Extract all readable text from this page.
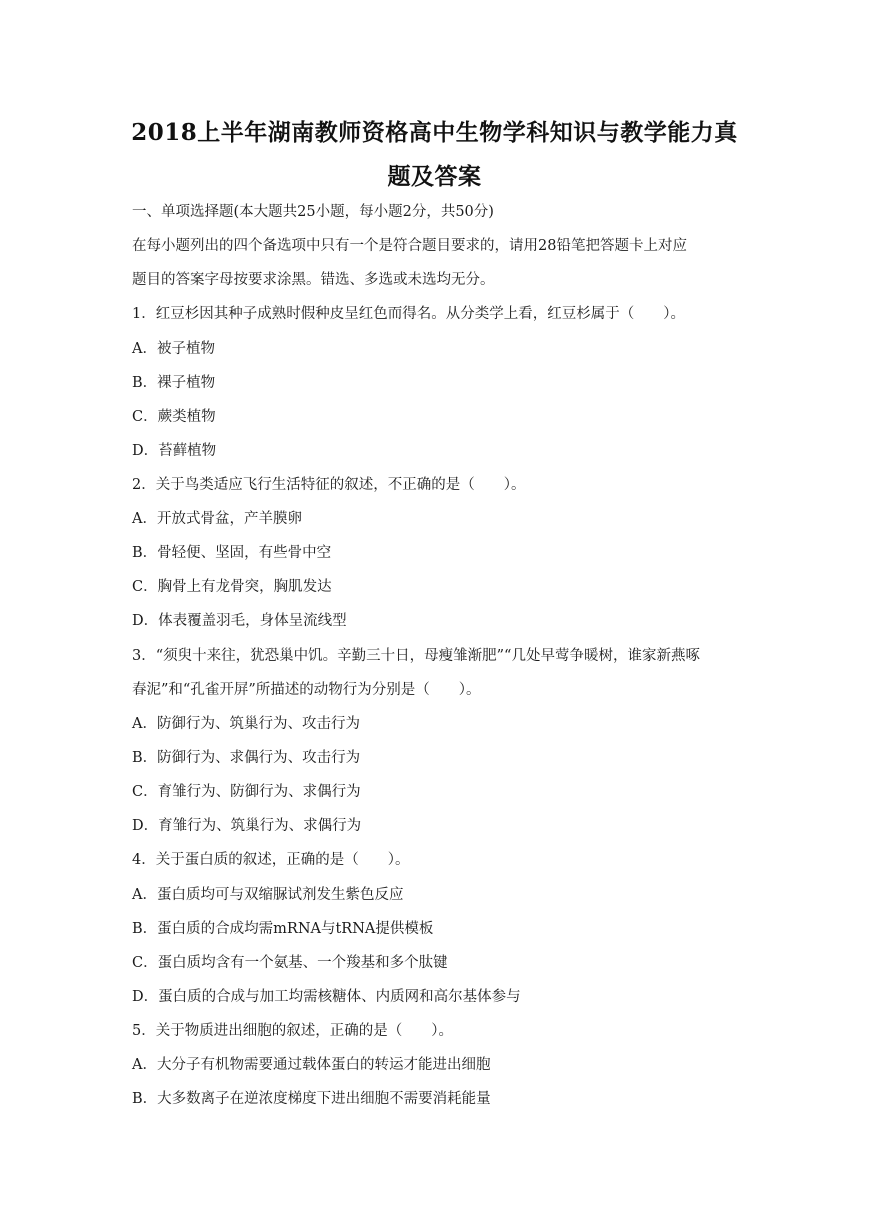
2018上半年湖南教师资格高中生物学科知识与教学能力真
题及答案
一、单项选择题(本大题共25小题，每小题2分，共50分)
在每小题列出的四个备选项中只有一个是符合题目要求的，请用28铅笔把答题卡上对应
题目的答案字母按要求涂黑。错选、多选或未选均无分。
1．红豆杉因其种子成熟时假种皮呈红色而得名。从分类学上看，红豆杉属于（　　）。
A．被子植物
B．裸子植物
C．蕨类植物
D．苔藓植物
2．关于鸟类适应飞行生活特征的叙述，不正确的是（　　）。
A．开放式骨盆，产羊膜卵
B．骨轻便、坚固，有些骨中空
C．胸骨上有龙骨突，胸肌发达
D．体表覆盖羽毛，身体呈流线型
3．“须臾十来往，犹恐巢中饥。辛勤三十日，母瘦雏渐肥”“几处早莺争暖树，谁家新燕啄
春泥”和“孔雀开屏”所描述的动物行为分别是（　　）。
A．防御行为、筑巢行为、攻击行为
B．防御行为、求偶行为、攻击行为
C．育雏行为、防御行为、求偶行为
D．育雏行为、筑巢行为、求偶行为
4．关于蛋白质的叙述，正确的是（　　）。
A．蛋白质均可与双缩脲试剂发生紫色反应
B．蛋白质的合成均需mRNA与tRNA提供模板
C．蛋白质均含有一个氨基、一个羧基和多个肽键
D．蛋白质的合成与加工均需核糖体、内质网和高尔基体参与
5．关于物质进出细胞的叙述，正确的是（　　）。
A．大分子有机物需要通过载体蛋白的转运才能进出细胞
B．大多数离子在逆浓度梯度下进出细胞不需要消耗能量
